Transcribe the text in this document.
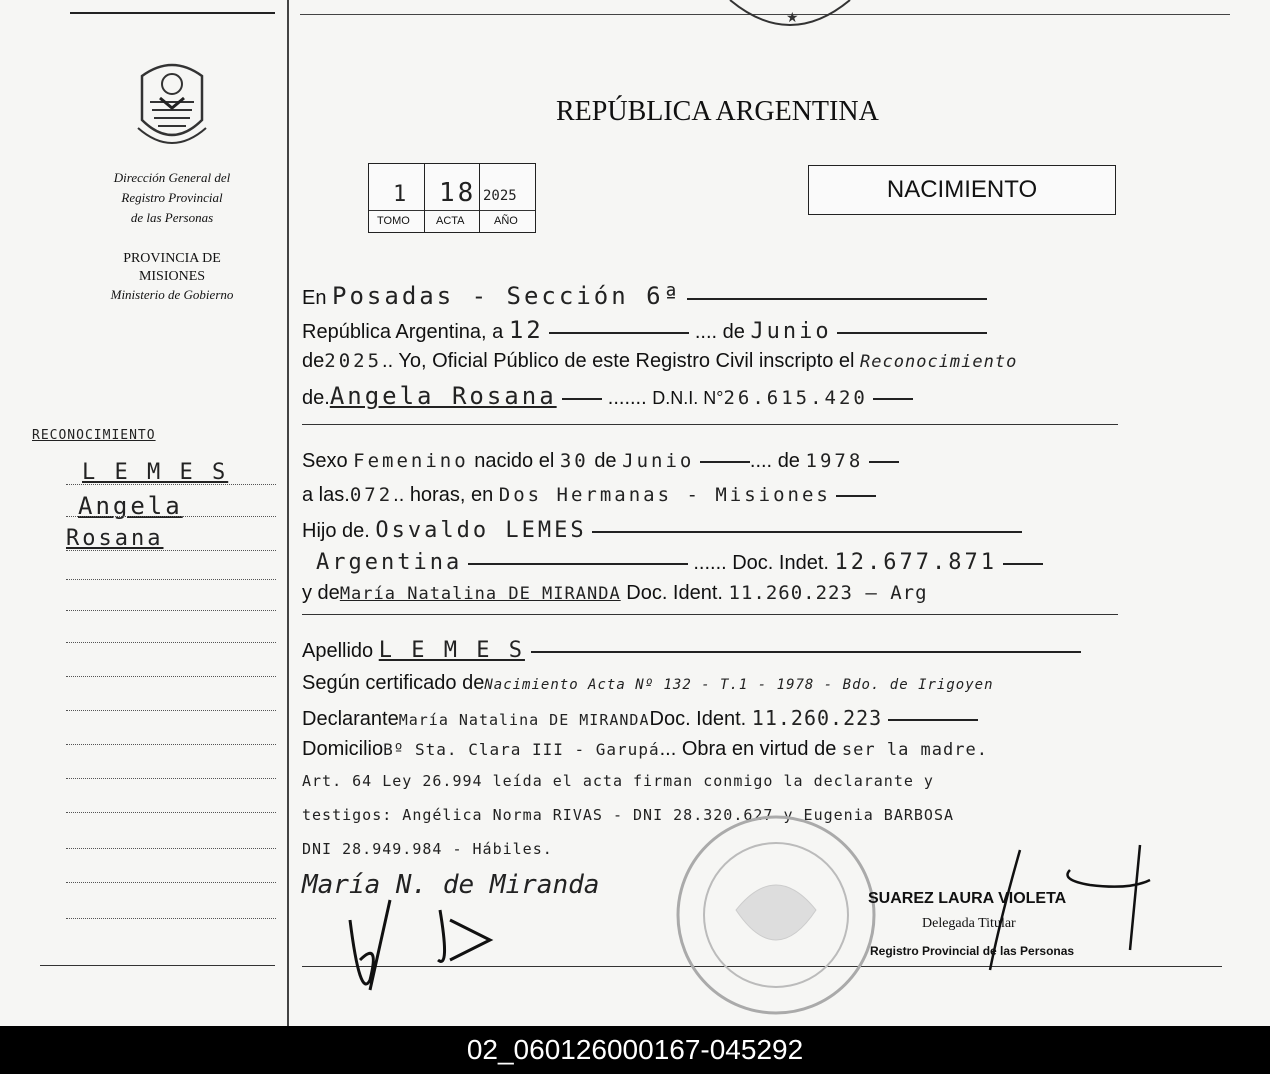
Dirección General del
Registro Provincial
de las Personas
PROVINCIA DE
MISIONES
Ministerio de Gobierno
RECONOCIMIENTO
L E M E S
Angela
Rosana
REPÚBLICA ARGENTINA
1 18 2025
TOMO ACTA	AÑO
NACIMIENTO
En Posadas - Sección 6ª
República Argentina, a 12	.... de Junio
de2025.. Yo, Oficial Público de este Registro Civil inscripto el Reconocimiento
de.Angela Rosana  ....... D.N.I. N°26.615.420
Sexo Femenino nacido el 30 de Junio	.... de 1978
a las.072.. horas, en Dos Hermanas - Misiones
Hijo de. Osvaldo LEMES
Argentina	...... Doc. Indet. 12.677.871
y deMaría Natalina DE MIRANDA Doc. Ident. 11.260.223 — Arg
Apellido L E M E S
Según certificado deNacimiento Acta Nº 132 - T.1 - 1978 - Bdo. de Irigoyen
DeclaranteMaría Natalina DE MIRANDADoc. Ident. 11.260.223
DomicilioBº Sta. Clara III - Garupá... Obra en virtud de ser la madre.
Art. 64 Ley 26.994 leída el acta firman conmigo la declarante y
testigos: Angélica Norma RIVAS - DNI 28.320.627 y Eugenia BARBOSA
DNI 28.949.984 - Hábiles.
María N. de Miranda	SUAREZ LAURA VIOLETA
Delegada Titular
Registro Provincial de las Personas
★
02_060126000167-045292
